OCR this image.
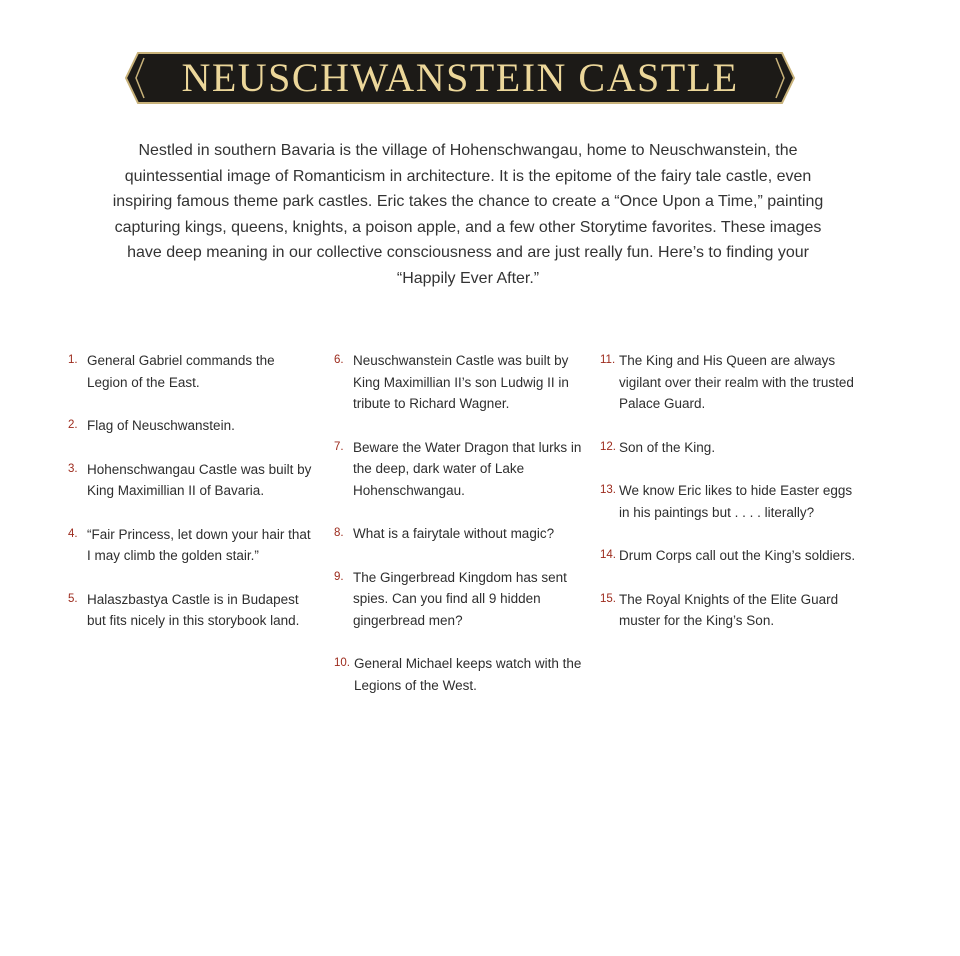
NEUSCHWANSTEIN CASTLE

Nestled in southern Bavaria is the village of Hohenschwangau, home to Neuschwanstein, the quintessential image of Romanticism in architecture. It is the epitome of the fairy tale castle, even inspiring famous theme park castles. Eric takes the chance to create a “Once Upon a Time,” painting capturing kings, queens, knights, a poison apple, and a few other Storytime favorites. These images have deep meaning in our collective consciousness and are just really fun. Here’s to finding your “Happily Ever After.”

1. General Gabriel commands the Legion of the East.
2. Flag of Neuschwanstein.
3. Hohenschwangau Castle was built by King Maximillian II of Bavaria.
4. “Fair Princess, let down your hair that I may climb the golden stair.”
5. Halaszbastya Castle is in Budapest but fits nicely in this storybook land.
6. Neuschwanstein Castle was built by King Maximillian II’s son Ludwig II in tribute to Richard Wagner.
7. Beware the Water Dragon that lurks in the deep, dark water of Lake Hohenschwangau.
8. What is a fairytale without magic?
9. The Gingerbread Kingdom has sent spies. Can you find all 9 hidden gingerbread men?
10. General Michael keeps watch with the Legions of the West.
11. The King and His Queen are always vigilant over their realm with the trusted Palace Guard.
12. Son of the King.
13. We know Eric likes to hide Easter eggs in his paintings but . . . . literally?
14. Drum Corps call out the King’s soldiers.
15. The Royal Knights of the Elite Guard muster for the King’s Son.
